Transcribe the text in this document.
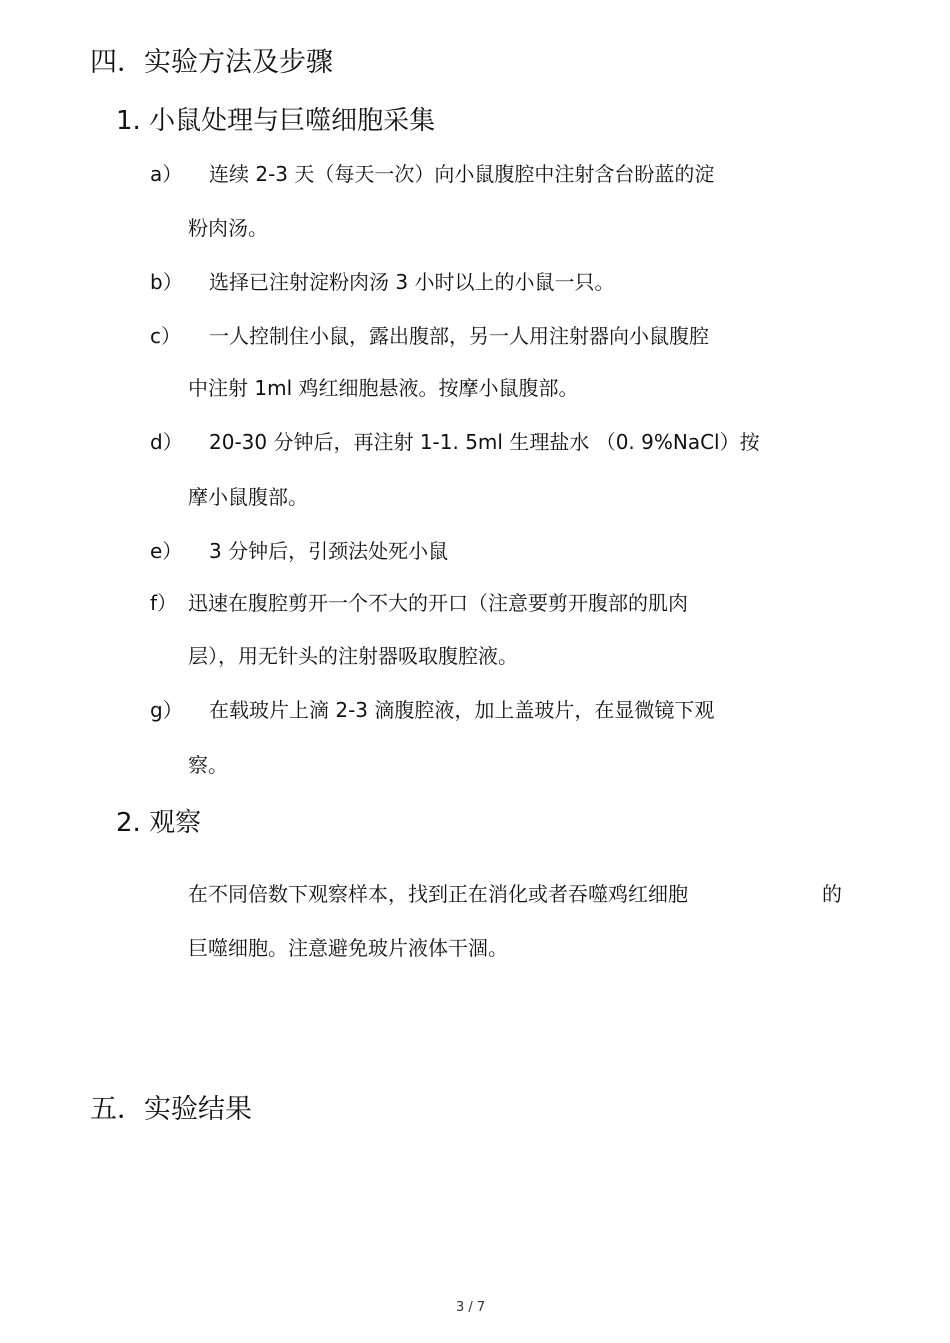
四．实验方法及步骤
1. 小鼠处理与巨噬细胞采集
a） 连续 2-3 天（每天一次）向小鼠腹腔中注射含台盼蓝的淀
粉肉汤。
b） 选择已注射淀粉肉汤 3 小时以上的小鼠一只。
c） 一人控制住小鼠，露出腹部，另一人用注射器向小鼠腹腔
中注射 1ml 鸡红细胞悬液。按摩小鼠腹部。
d） 20-30 分钟后，再注射 1-1. 5ml 生理盐水 （0. 9%NaCl）按
摩小鼠腹部。
e） 3 分钟后，引颈法处死小鼠
f） 迅速在腹腔剪开一个不大的开口（注意要剪开腹部的肌肉
层），用无针头的注射器吸取腹腔液。
g） 在载玻片上滴 2-3 滴腹腔液，加上盖玻片，在显微镜下观
察。
2. 观察
在不同倍数下观察样本，找到正在消化或者吞噬鸡红细胞	的
巨噬细胞。注意避免玻片液体干涸。
五．实验结果
3 / 7
